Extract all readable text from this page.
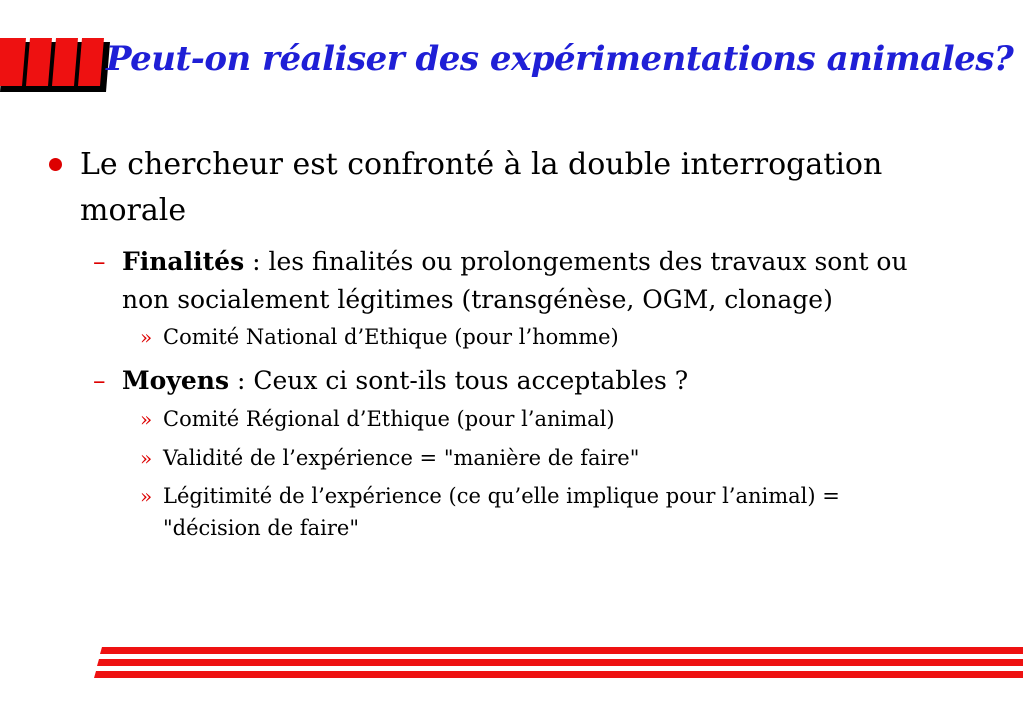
Peut-on réaliser des expérimentations animales?
Le chercheur est confronté à la double interrogation morale
– Finalités : les finalités ou prolongements des travaux sont ou non socialement légitimes (transgénèse, OGM, clonage)
» Comité National d’Ethique (pour l’homme)
– Moyens : Ceux ci sont-ils tous acceptables ?
» Comité Régional d’Ethique (pour l’animal)
» Validité de l’expérience = "manière de faire"
» Légitimité de l’expérience (ce qu’elle implique pour l’animal) = "décision de faire"
